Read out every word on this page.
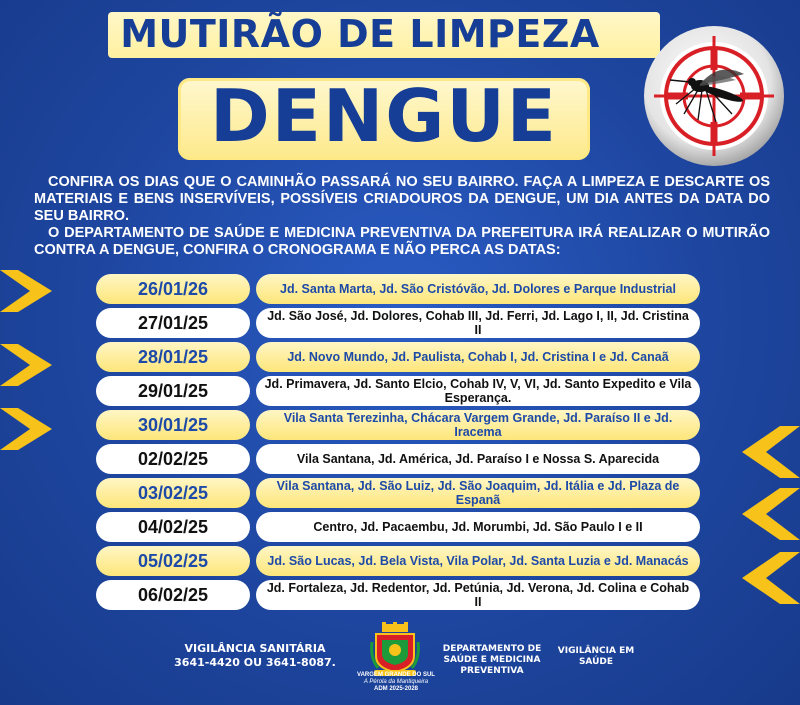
MUTIRÃO DE LIMPEZA
DENGUE

CONFIRA OS DIAS QUE O CAMINHÃO PASSARÁ NO SEU BAIRRO. FAÇA A LIMPEZA E DESCARTE OS MATERIAIS E BENS INSERVÍVEIS, POSSÍVEIS CRIADOUROS DA DENGUE, UM DIA ANTES DA DATA DO SEU BAIRRO.

O DEPARTAMENTO DE SAÚDE E MEDICINA PREVENTIVA DA PREFEITURA IRÁ REALIZAR O MUTIRÃO CONTRA A DENGUE, CONFIRA O CRONOGRAMA E NÃO PERCA AS DATAS:

26/01/26	Jd. Santa Marta, Jd. São Cristóvão, Jd. Dolores e Parque Industrial
27/01/25	Jd. São José, Jd. Dolores, Cohab III, Jd. Ferri, Jd. Lago I, II, Jd. Cristina II
28/01/25	Jd. Novo Mundo, Jd. Paulista, Cohab I, Jd. Cristina I e Jd. Canaã
29/01/25	Jd. Primavera, Jd. Santo Elcio, Cohab IV, V, VI, Jd. Santo Expedito e Vila Esperança.
30/01/25	Vila Santa Terezinha, Chácara Vargem Grande, Jd. Paraíso II e Jd. Iracema
02/02/25	Vila Santana, Jd. América, Jd. Paraíso I e Nossa S. Aparecida
03/02/25	Vila Santana, Jd. São Luiz, Jd. São Joaquim, Jd. Itália e Jd. Plaza de Espanã
04/02/25	Centro, Jd. Pacaembu, Jd. Morumbi, Jd. São Paulo I e II
05/02/25	Jd. São Lucas, Jd. Bela Vista, Vila Polar, Jd. Santa Luzia e Jd. Manacás
06/02/25	Jd. Fortaleza, Jd. Redentor, Jd. Petúnia, Jd. Verona, Jd. Colina e Cohab II
VIGILÂNCIA SANITÁRIA
3641-4420 OU 3641-8087.
VARGEM GRANDE DO SUL
A Pérola da Mantiqueira
ADM 2025-2028
DEPARTAMENTO DE SAÚDE E MEDICINA PREVENTIVA
VIGILÂNCIA EM SAÚDE
